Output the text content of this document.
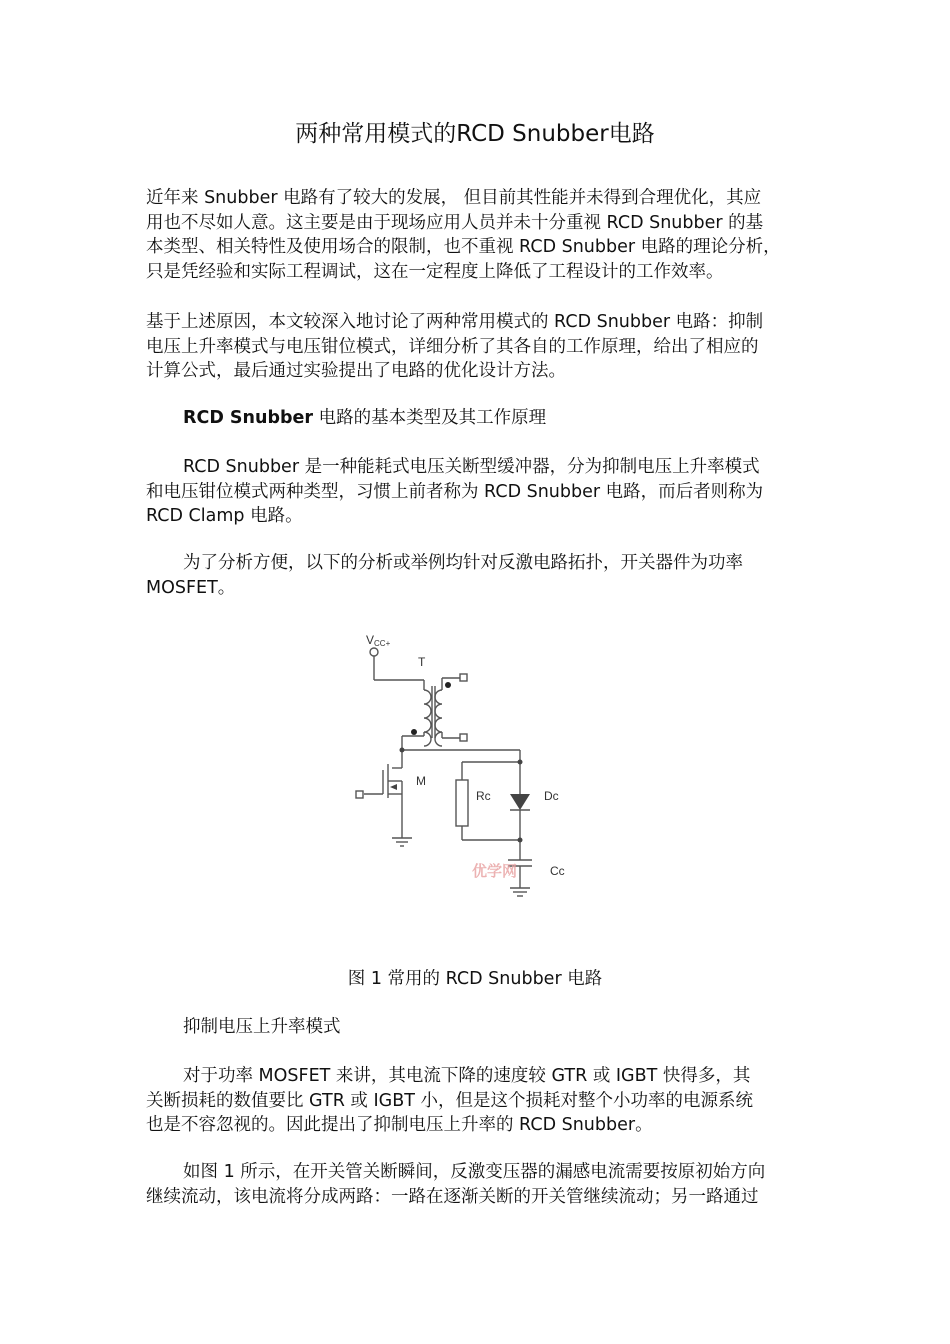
两种常用模式的RCD Snubber电路

近年来 Snubber 电路有了较大的发展， 但目前其性能并未得到合理优化，其应
用也不尽如人意。这主要是由于现场应用人员并未十分重视 RCD Snubber 的基
本类型、相关特性及使用场合的限制，也不重视 RCD Snubber 电路的理论分析，
只是凭经验和实际工程调试，这在一定程度上降低了工程设计的工作效率。

基于上述原因，本文较深入地讨论了两种常用模式的 RCD Snubber 电路：抑制
电压上升率模式与电压钳位模式，详细分析了其各自的工作原理，给出了相应的
计算公式，最后通过实验提出了电路的优化设计方法。

RCD Snubber 电路的基本类型及其工作原理

RCD Snubber 是一种能耗式电压关断型缓冲器，分为抑制电压上升率模式
和电压钳位模式两种类型，习惯上前者称为 RCD Snubber 电路，而后者则称为
RCD Clamp 电路。

为了分析方便，以下的分析或举例均针对反激电路拓扑，开关器件为功率
MOSFET。

VCC+
T
M
Rc	Dc
Cc
优学网
图 1 常用的 RCD Snubber 电路

抑制电压上升率模式

对于功率 MOSFET 来讲，其电流下降的速度较 GTR 或 IGBT 快得多，其
关断损耗的数值要比 GTR 或 IGBT 小，但是这个损耗对整个小功率的电源系统
也是不容忽视的。因此提出了抑制电压上升率的 RCD Snubber。

如图 1 所示，在开关管关断瞬间，反激变压器的漏感电流需要按原初始方向
继续流动，该电流将分成两路：一路在逐渐关断的开关管继续流动；另一路通过
